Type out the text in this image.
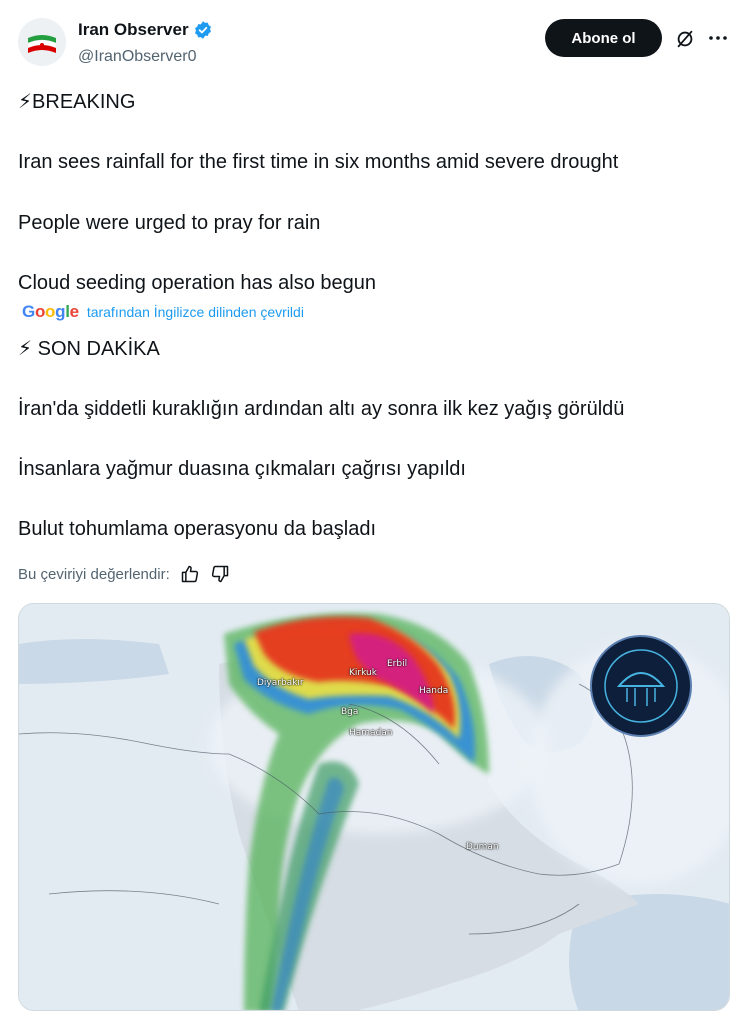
Iran Observer
@IranObserver0
Abone ol
⚡BREAKING
Iran sees rainfall for the first time in six months amid severe drought
People were urged to pray for rain
Cloud seeding operation has also begun
Google tarafından İngilizce dilinden çevrildi
⚡ SON DAKİKA
İran'da şiddetli kuraklığın ardından altı ay sonra ilk kez yağış görüldü
İnsanlara yağmur duasına çıkmaları çağrısı yapıldı
Bulut tohumlama operasyonu da başladı
Bu çeviriyi değerlendir:
Diyarbakır
Kirkuk
Erbil
Handa
Bğa
Hamadan
Duman
